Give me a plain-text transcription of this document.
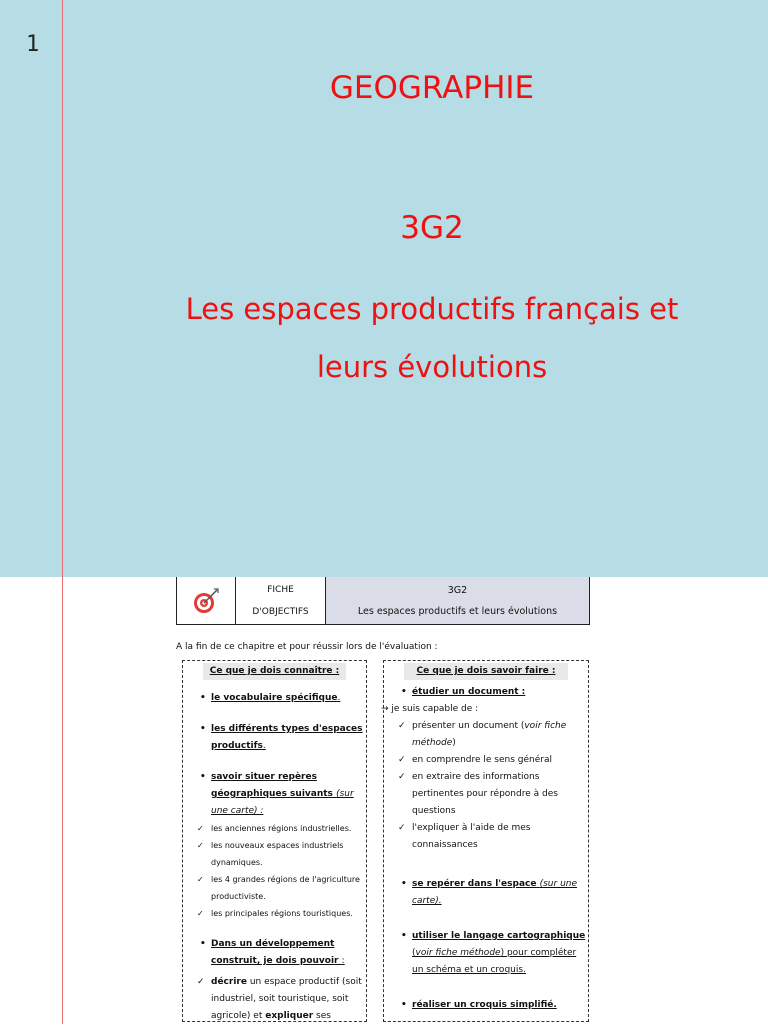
1
GEOGRAPHIE
3G2
Les espaces productifs français et
leurs évolutions
FICHE
D'OBJECTIFS
3G2
Les espaces productifs et leurs évolutions
A la fin de ce chapitre et pour réussir lors de l'évaluation :
Ce que je dois connaître :
• le vocabulaire spécifique.
• les différents types d'espaces productifs.
• savoir situer repères géographiques suivants (sur une carte) :
✓ les anciennes régions industrielles.
✓ les nouveaux espaces industriels dynamiques.
✓ les 4 grandes régions de l'agriculture productiviste.
✓ les principales régions touristiques.
• Dans un développement construit, je dois pouvoir :
✓ décrire un espace productif (soit industriel, soit touristique, soit agricole) et expliquer ses
Ce que je dois savoir faire :
• étudier un document :
→ je suis capable de :
✓ présenter un document (voir fiche méthode)
✓ en comprendre le sens général
✓ en extraire des informations pertinentes pour répondre à des questions
✓ l'expliquer à l'aide de mes connaissances
• se repérer dans l'espace (sur une carte).
• utiliser le langage cartographique
(voir fiche méthode) pour compléter un schéma et un croquis.
• réaliser un croquis simplifié.
